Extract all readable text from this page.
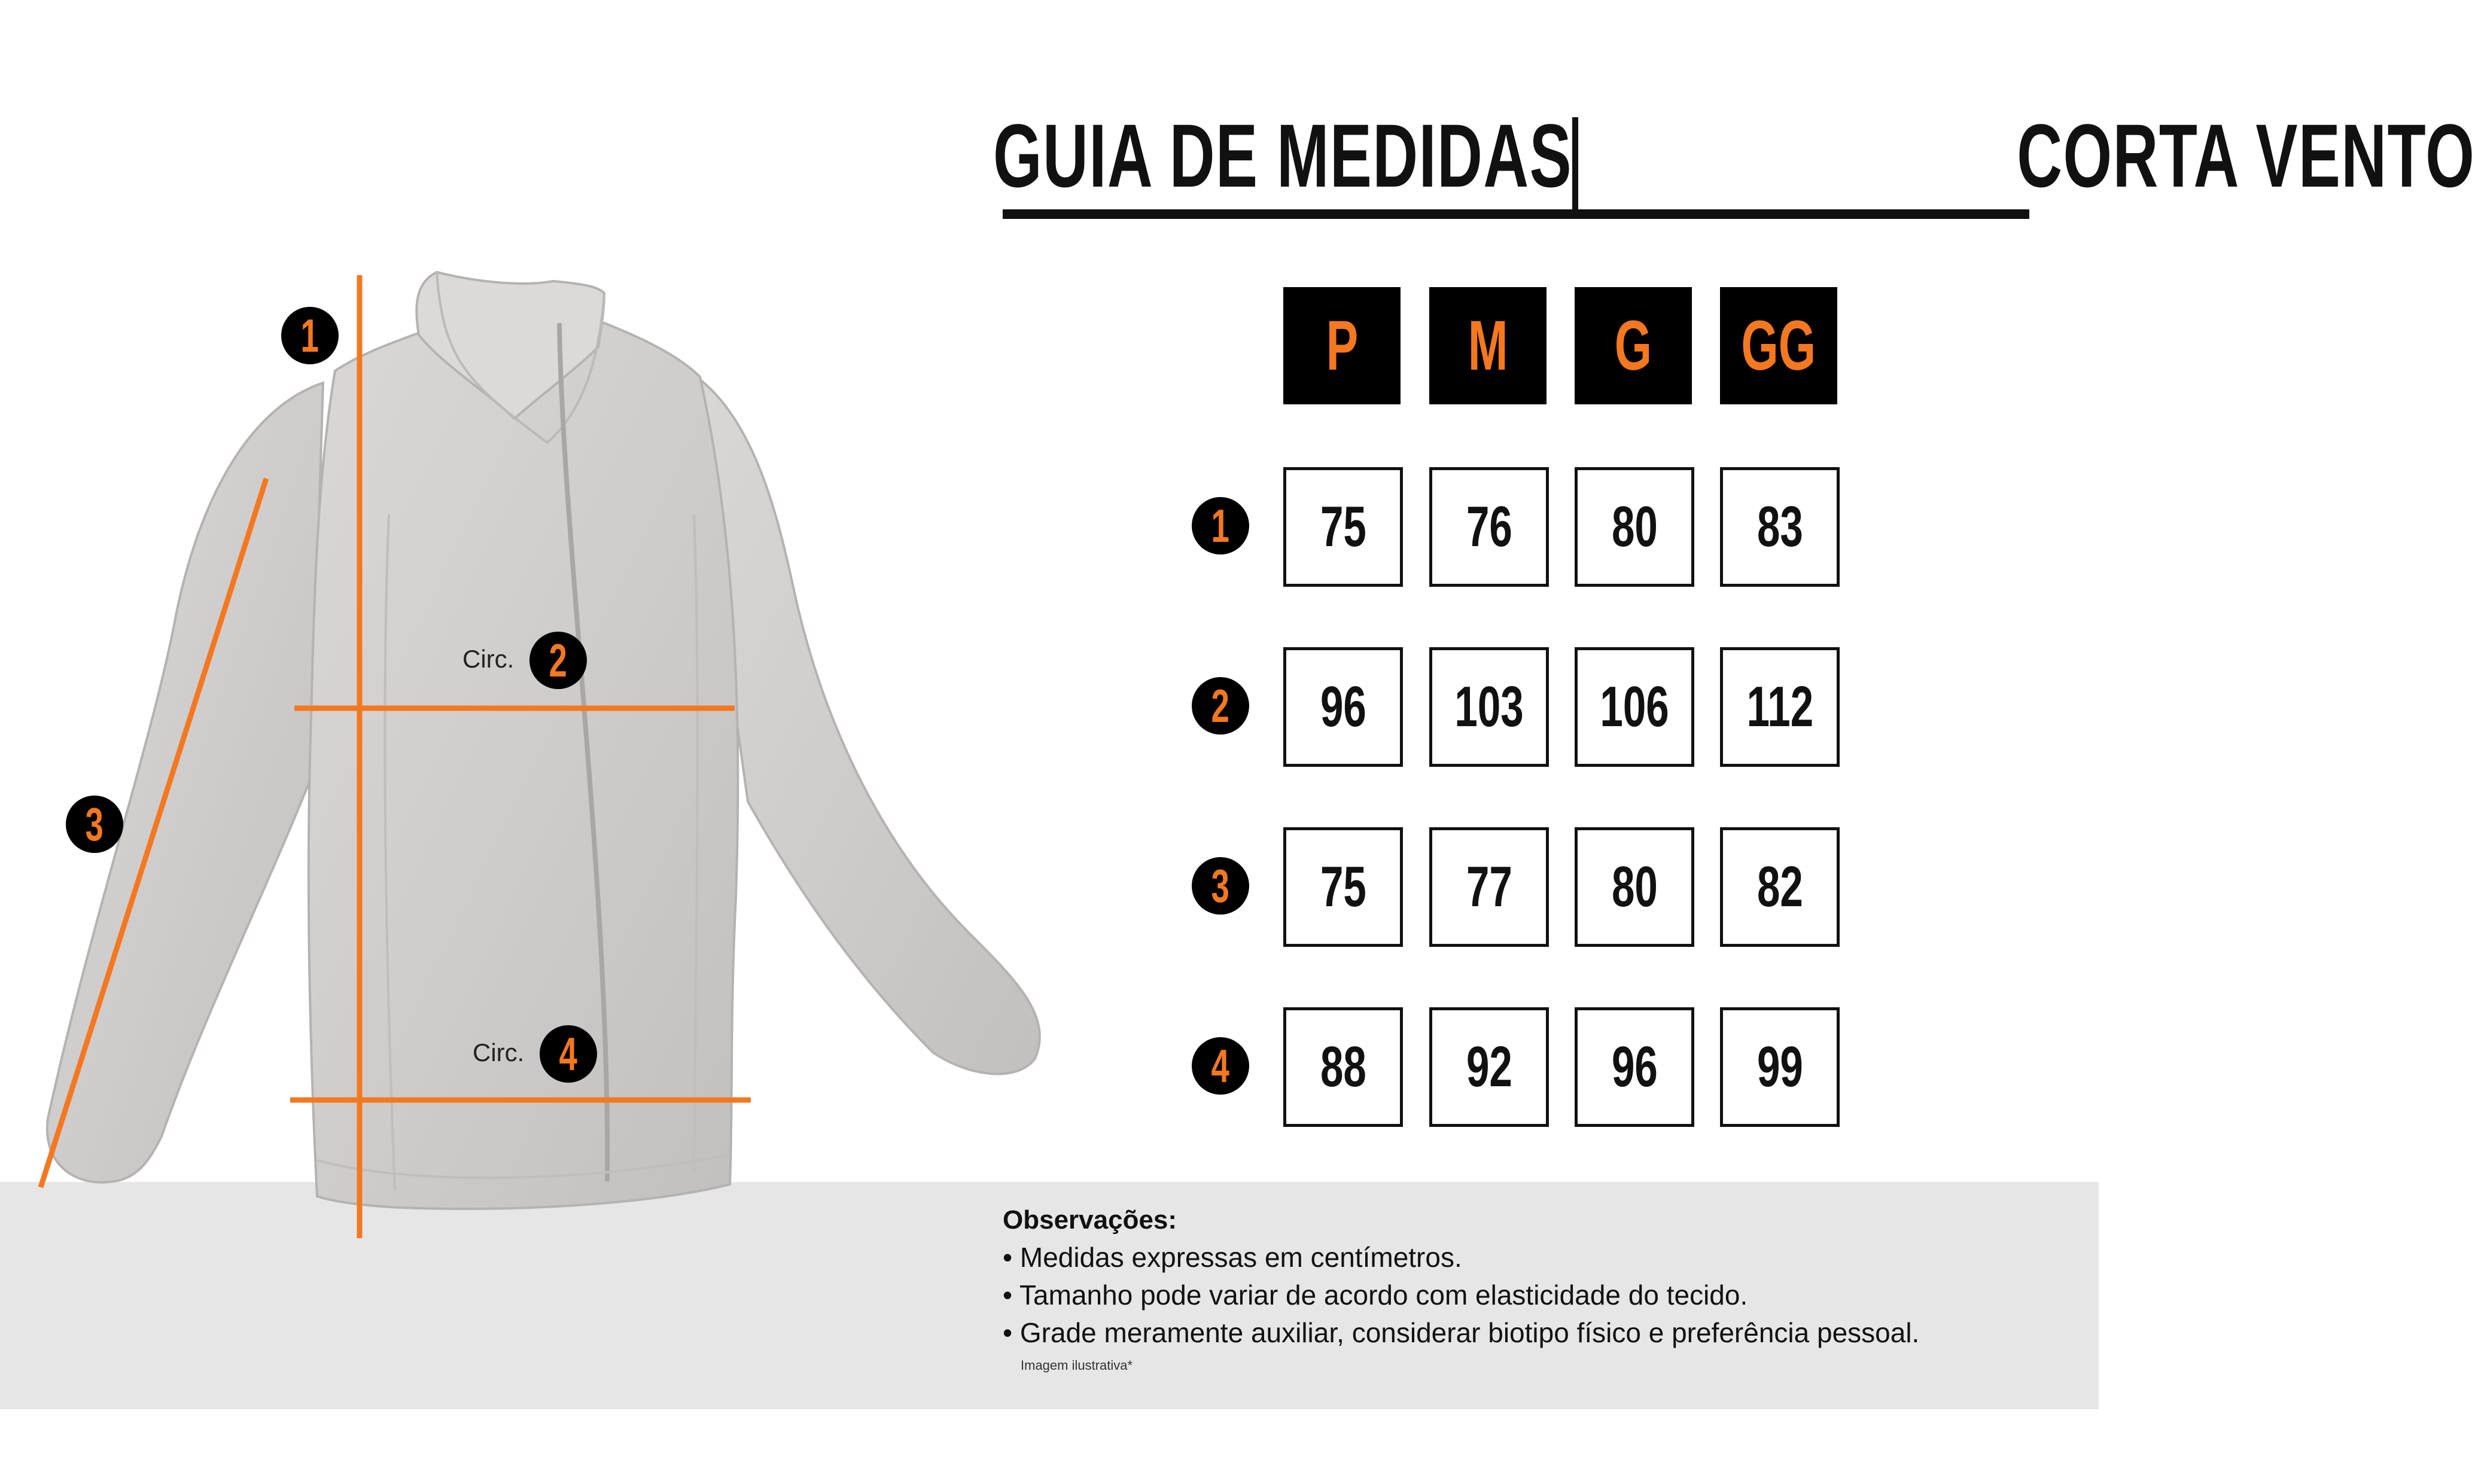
1
2
Circ.
3
4
Circ.
GUIA DE MEDIDAS	CORTA VENTO
P M G GG
1 75 76 80 83
2 96 103 106 112
3 75 77 80 82
4 88 92 96 99
Observações:
• Medidas expressas em centímetros.
• Tamanho pode variar de acordo com elasticidade do tecido.
• Grade meramente auxiliar, considerar biotipo físico e preferência pessoal.
Imagem ilustrativa*
